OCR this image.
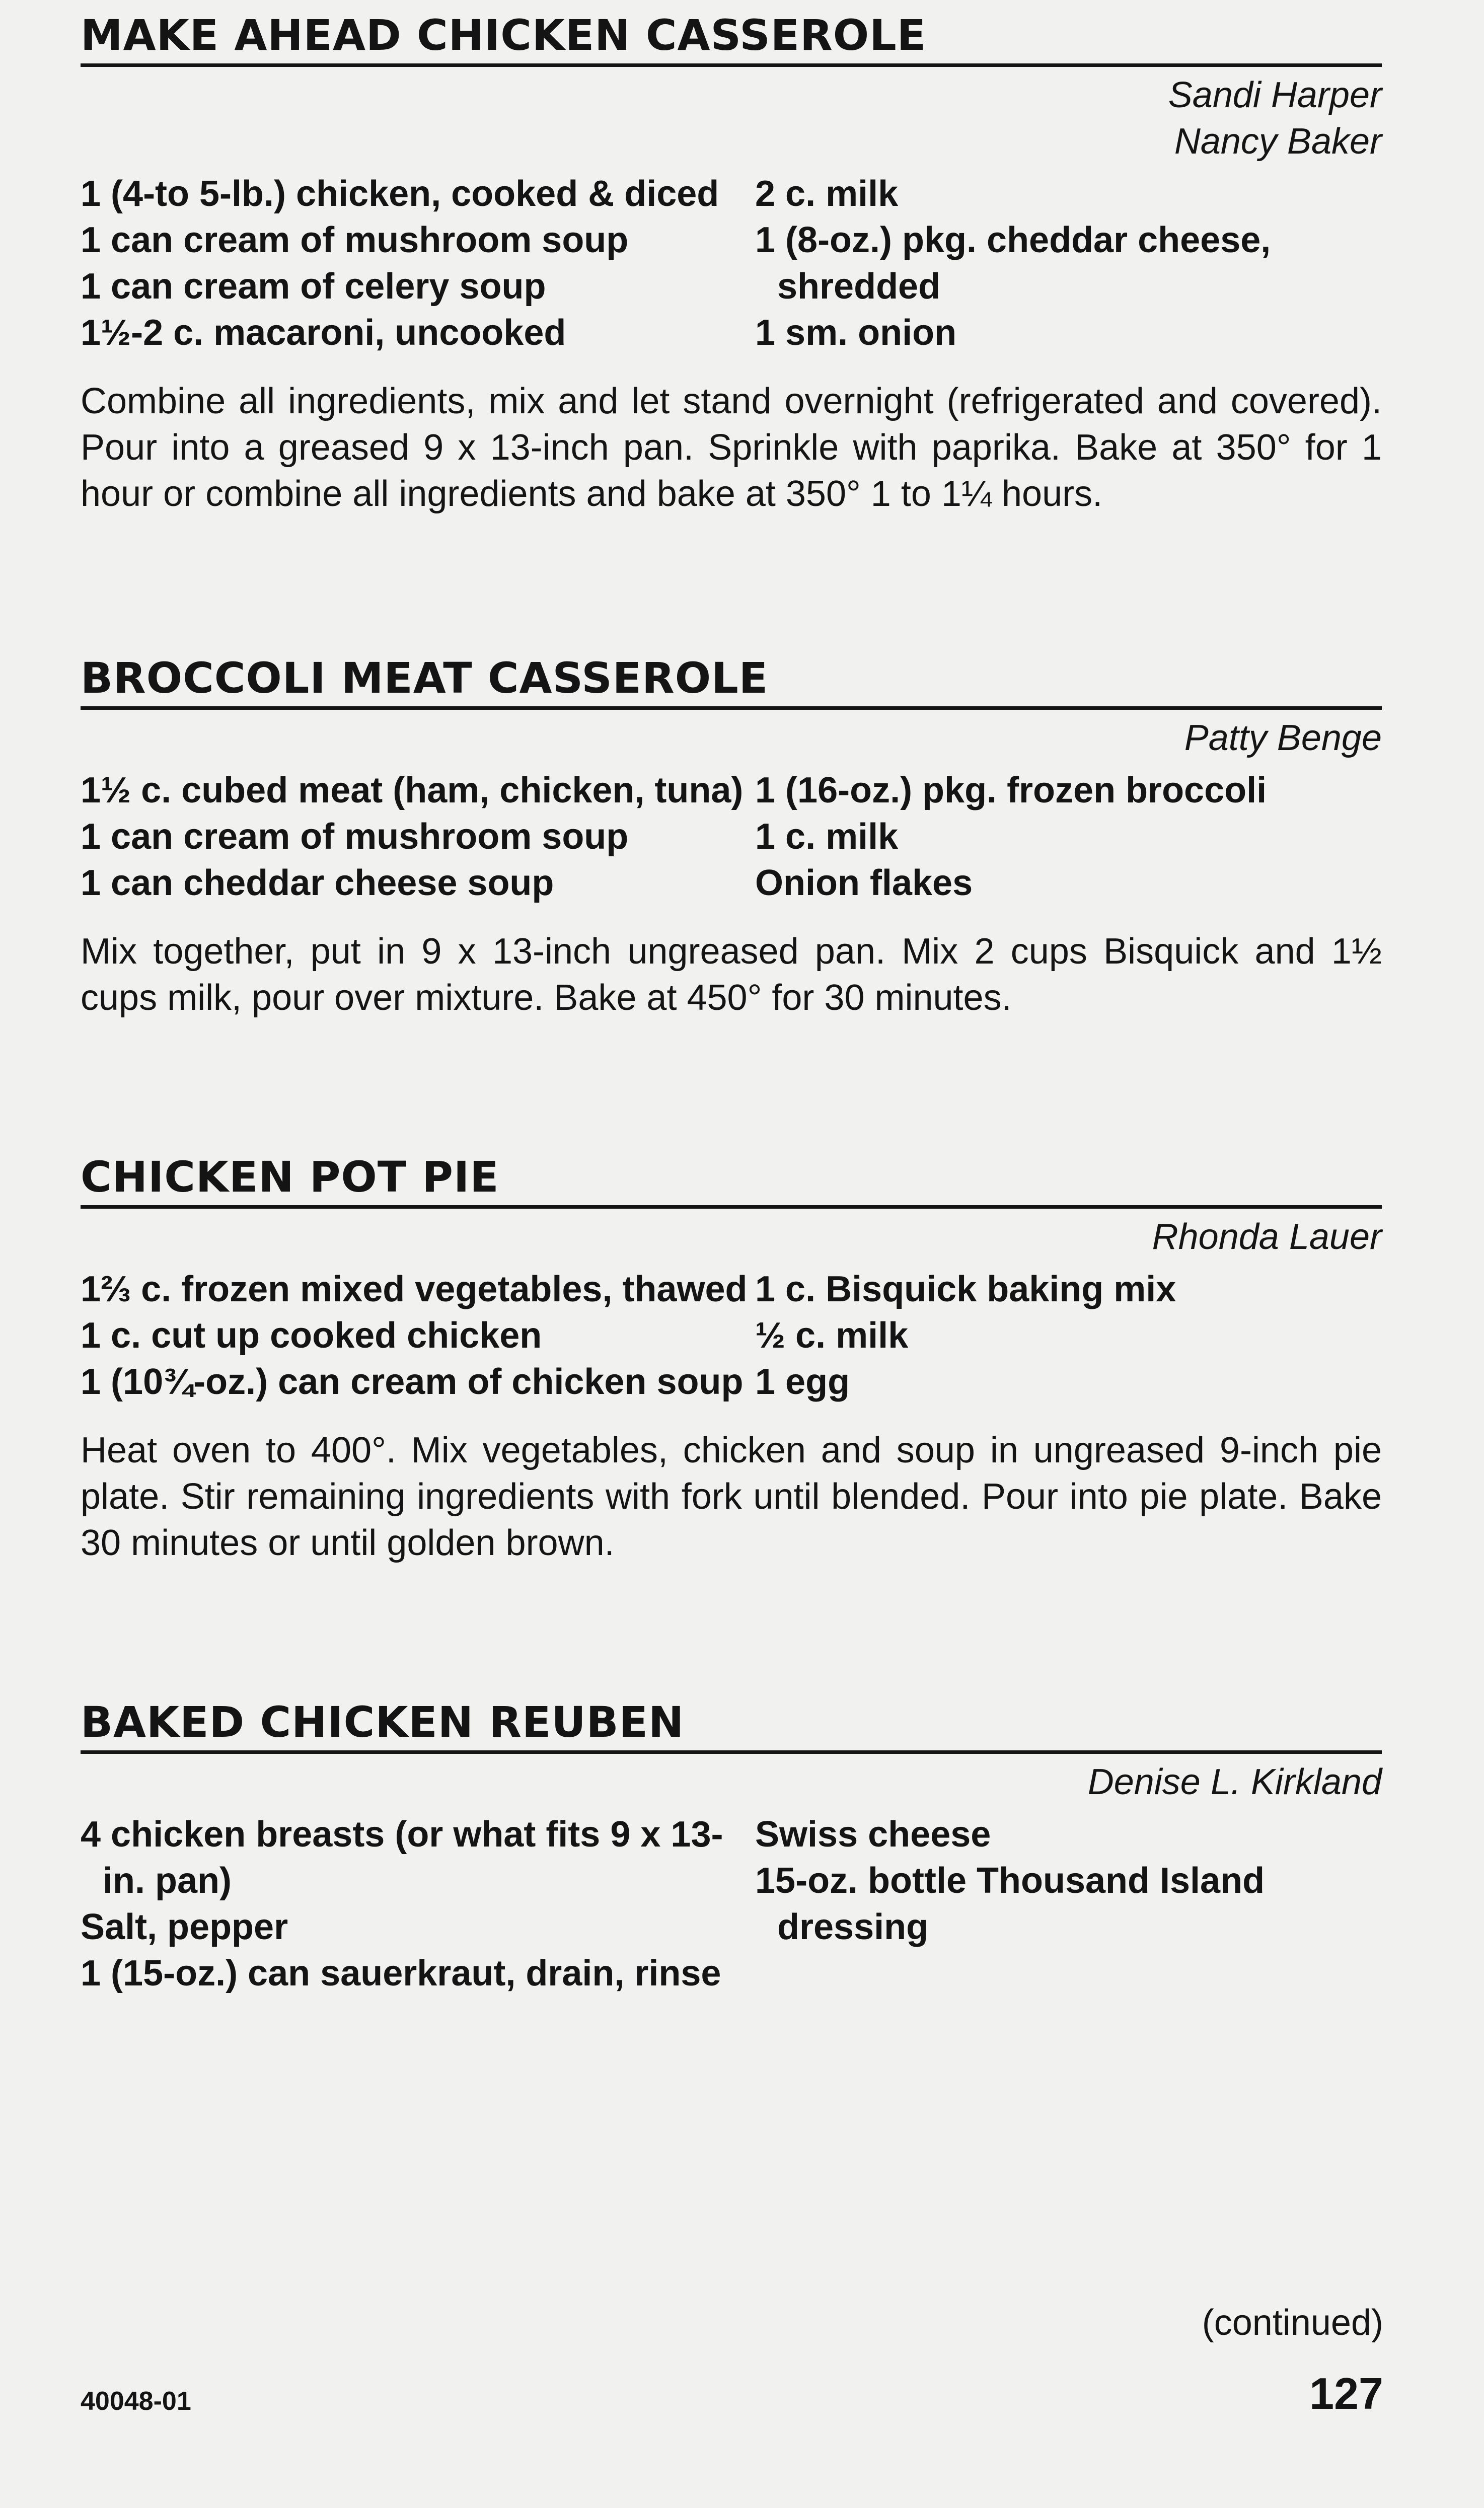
MAKE AHEAD CHICKEN CASSEROLE
Sandi Harper
Nancy Baker
1 (4-to 5-lb.) chicken, cooked & diced
1 can cream of mushroom soup
1 can cream of celery soup
1½-2 c. macaroni, uncooked
2 c. milk
1 (8-oz.) pkg. cheddar cheese, shredded
1 sm. onion

Combine all ingredients, mix and let stand overnight (refrigerated and covered). Pour into a greased 9 x 13-inch pan. Sprinkle with paprika. Bake at 350° for 1 hour or combine all ingredients and bake at 350° 1 to 1¼ hours.

BROCCOLI MEAT CASSEROLE
Patty Benge
1½ c. cubed meat (ham, chicken, tuna)
1 can cream of mushroom soup
1 can cheddar cheese soup
1 (16-oz.) pkg. frozen broccoli
1 c. milk
Onion flakes

Mix together, put in 9 x 13-inch ungreased pan. Mix 2 cups Bisquick and 1½ cups milk, pour over mixture. Bake at 450° for 30 minutes.

CHICKEN POT PIE
Rhonda Lauer
1⅔ c. frozen mixed vegetables, thawed
1 c. cut up cooked chicken
1 (10¾-oz.) can cream of chicken soup
1 c. Bisquick baking mix
½ c. milk
1 egg

Heat oven to 400°. Mix vegetables, chicken and soup in ungreased 9-inch pie plate. Stir remaining ingredients with fork until blended. Pour into pie plate. Bake 30 minutes or until golden brown.

BAKED CHICKEN REUBEN
Denise L. Kirkland
4 chicken breasts (or what fits 9 x 13-in. pan)
Salt, pepper
1 (15-oz.) can sauerkraut, drain, rinse
Swiss cheese
15-oz. bottle Thousand Island dressing
(continued)
40048-01	127
